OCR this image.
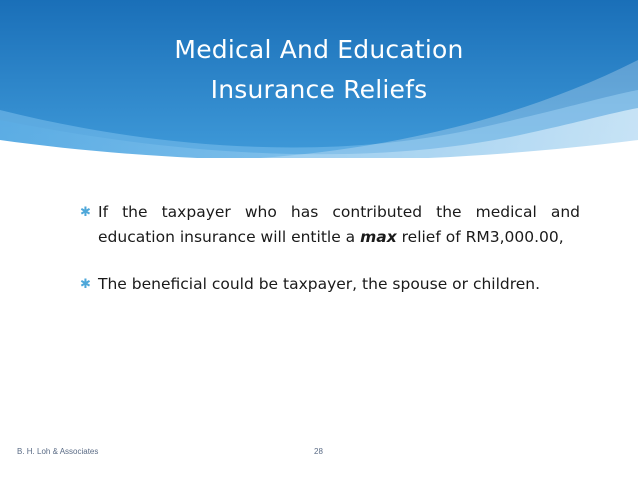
Medical And Education
Insurance Reliefs
✱ If the taxpayer who has contributed the medical and education insurance will entitle a max relief of RM3,000.00,
✱ The beneficial could be taxpayer, the spouse or children.
B. H. Loh & Associates	28
